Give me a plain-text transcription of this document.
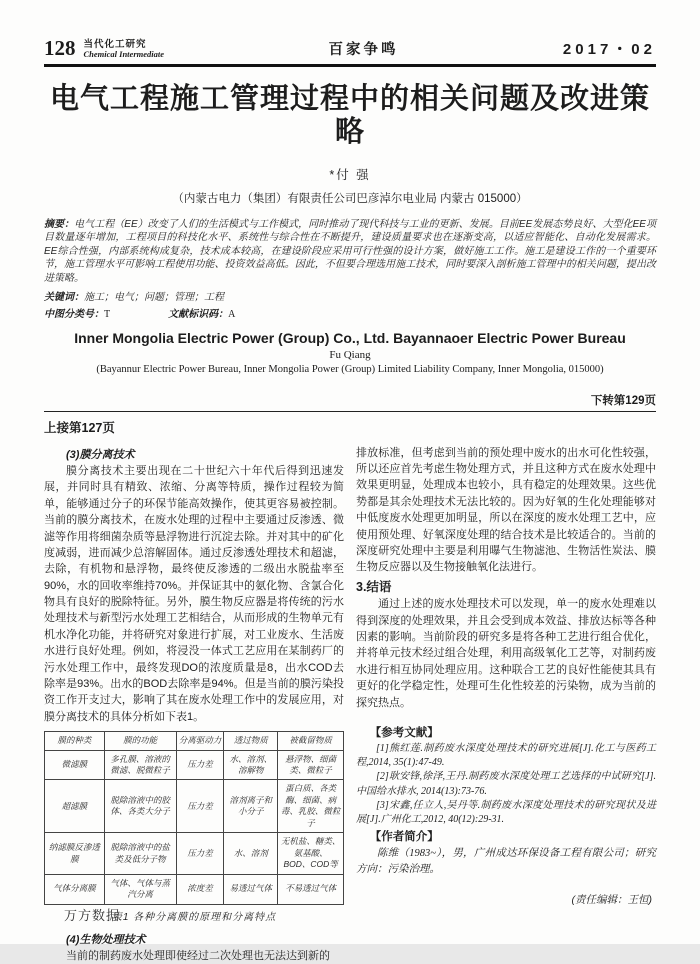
128 当代化工研究
Chemical Intermediate	百家争鸣	2017・02
电气工程施工管理过程中的相关问题及改进策略
*付 强
（内蒙古电力（集团）有限责任公司巴彦淖尔电业局 内蒙古 015000）

摘要：电气工程（EE）改变了人们的生活模式与工作模式，同时推动了现代科技与工业的更新、发展。目前EE发展态势良好、大型化EE项目数量逐年增加，工程项目的科技化水平、系统性与综合性在不断提升，建设质量要求也在逐渐变高，以适应智能化、自动化发展需求。EE综合性强，内部系统构成复杂，技术成本较高，在建设阶段应采用可行性强的设计方案，做好施工工作。施工是建设工作的一个重要环节，施工管理水平可影响工程使用功能、投资效益高低。因此，不但要合理选用施工技术，同时要深入剖析施工管理中的相关问题，提出改进策略。

关键词：施工；电气；问题；管理；工程

中图分类号：T	文献标识码：A

Inner Mongolia Electric Power (Group) Co., Ltd. Bayannaoer Electric Power Bureau
Fu Qiang
(Bayannur Electric Power Bureau, Inner Mongolia Power (Group) Limited Liability Company, Inner Mongolia, 015000)
下转第129页
上接第127页
(3)膜分离技术

膜分离技术主要出现在二十世纪六十年代后得到迅速发展，并同时具有精致、浓缩、分离等特质，操作过程较为简单，能够通过分子的环保节能高效操作，使其更容易被控制。当前的膜分离技术，在废水处理的过程中主要通过反渗透、微滤等作用将细菌杂质等悬浮物进行沉淀去除。并对其中的矿化度减弱，进而减少总溶解固体。通过反渗透处理技术和超滤，去除，有机物和悬浮物，最终使反渗透的二级出水脱盐率至90%，水的回收率维持70%。并保证其中的氨化物、含氯合化物具有良好的脱除特征。另外，膜生物反应器是将传统的污水处理技术与新型污水处理工艺相结合，从而形成的生物单元有机水净化功能，并将研究对象进行扩展，对工业废水、生活废水进行良好处理。例如，将浸没一体式工艺应用在某制药厂的污水处理工作中，最终发现DO的浓度质量是8，出水COD去除率是93%。出水的BOD去除率是94%。但是当前的膜污染投资工作开支过大，影响了其在废水处理工作中的发展应用，对膜分离技术的具体分析如下表1。

膜的种类	膜的功能	分离驱动力	透过物质	被截留物质
微滤膜	多孔膜、溶液的微滤、脱微粒子	压力差	水、溶剂、溶解物	悬浮物、细菌类、微粒子
超滤膜	脱除溶液中的胶体、各类大分子	压力差	溶剂离子和小分子	蛋白质、各类酶、细菌、病毒、乳胶、微粒子
纳滤膜反渗透膜	脱除溶液中的盐类及低分子物	压力差	水、溶剂	无机盐、糖类、氨基酸、BOD、COD等
气体分离膜	气体、气体与蒸汽分离	浓度差	易透过气体	不易透过气体
表1 各种分离膜的原理和分离特点
(4)生物处理技术

当前的制药废水处理即使经过二次处理也无法达到新的

排放标准，但考虑到当前的预处理中废水的出水可化性较强，所以还应首先考虑生物处理方式，并且这种方式在废水处理中效果更明显，处理成本也较小，具有稳定的处理效果。这些优势都是其余处理技术无法比较的。因为好氧的生化处理能够对中低度废水处理更加明显，所以在深度的废水处理工艺中，应使用预处理、好氧深度处理的结合技术是比较适合的。当前的深度研究处理中主要是利用曝气生物滤池、生物活性炭法、膜生物反应器以及生物接触氧化法进行。

3.结语

通过上述的废水处理技术可以发现，单一的废水处理难以得到深度的处理效果，并且会受到成本效益、排放达标等各种因素的影响。当前阶段的研究多是将各种工艺进行组合优化，并将单元技术经过组合处理，利用高级氧化工艺等，对制药废水进行相互协同处理应用。这种联合工艺的良好性能使其具有更好的化学稳定性，处理可生化性较差的污染物，成为当前的探究热点。

【参考文献】

[1]熊红莲.制药废水深度处理技术的研究进展[J].化工与医药工程,2014, 35(1):47-49.

[2]耿安锋,徐泽,王丹.制药废水深度处理工艺选择的中试研究[J].中国给水排水, 2014(13):73-76.

[3]宋鑫,任立人,吴丹等.制药废水深度处理技术的研究现状及进展[J].广州化工,2012, 40(12):29-31.

【作者简介】

陈维（1983~），男，广州成达环保设备工程有限公司；研究方向：污染治理。

(责任编辑：王恒)
万方数据
